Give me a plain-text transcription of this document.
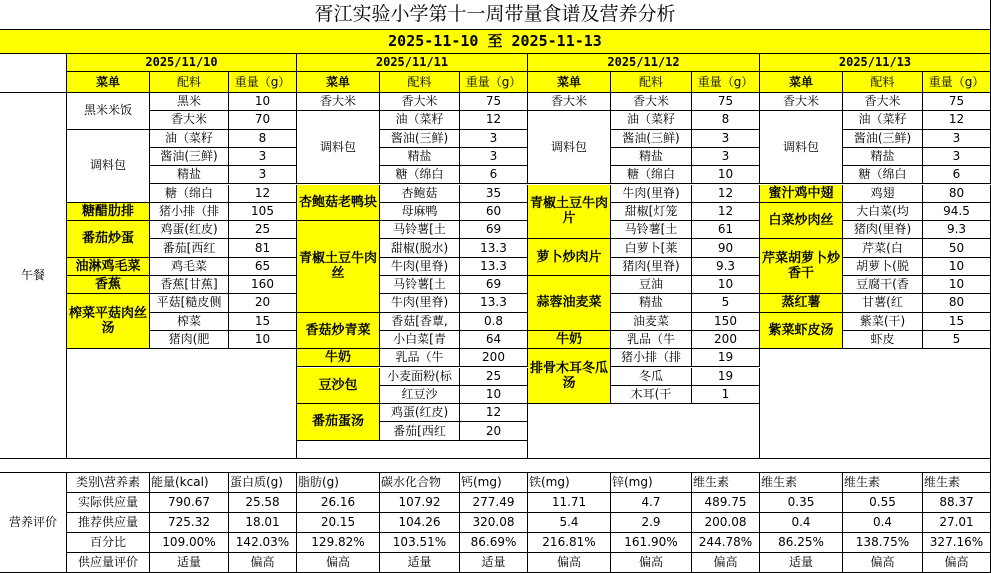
胥江实验小学第十一周带量食谱及营养分析
2025-11-10 至 2025-11-13
午餐
营养评价
2025/11/10
菜单	配料	重量（g）
黑米米饭
黑米	10
香大米	70
调料包
油（菜籽	8
酱油(三鲜)	3
精盐	3
糖（绵白	12
糖醋肋排	猪小排（排	105
番茄炒蛋
鸡蛋(红皮)	25
番茄[西红	81
油淋鸡毛菜	鸡毛菜	65
香蕉	香蕉[甘蕉]	160
榨菜平菇肉丝汤
平菇[糙皮侧	20
榨菜	15
猪肉(肥	10
2025/11/11
菜单	配料	重量（g）
香大米	香大米	75
调料包
油（菜籽	12
酱油(三鲜)	3
精盐	3
糖（绵白	6
杏鲍菇老鸭块
杏鲍菇	35
母麻鸭	60
青椒土豆牛肉丝
马铃薯[土	69
甜椒(脱水)	13.3
牛肉(里脊)	13.3
马铃薯[土	69
牛肉(里脊)	13.3
香菇炒青菜
香菇[香蕈,	0.8
小白菜[青	64
牛奶	乳品（牛	200
豆沙包
小麦面粉(标	25
红豆沙	10
番茄蛋汤
鸡蛋(红皮)	12
番茄[西红	20
2025/11/12
菜单	配料	重量（g）
香大米	香大米	75
调料包
油（菜籽	8
酱油(三鲜)	3
精盐	3
糖（绵白	10
青椒土豆牛肉片
牛肉(里脊)	12
甜椒[灯笼	12
马铃薯[土	61
萝卜炒肉片
白萝卜[莱	90
猪肉(里脊)	9.3
蒜蓉油麦菜
豆油	10
精盐	5
油麦菜	150
牛奶	乳品（牛	200
排骨木耳冬瓜汤
猪小排（排	19
冬瓜	19
木耳(干	1
2025/11/13
菜单	配料	重量（g）
香大米	香大米	75
调料包
油（菜籽	12
酱油(三鲜)	3
精盐	3
糖（绵白	6
蜜汁鸡中翅	鸡翅	80
白菜炒肉丝
大白菜(均	94.5
猪肉(里脊)	9.3
芹菜胡萝卜炒香干
芹菜(白	50
胡萝卜(脱	10
豆腐干(香	10
蒸红薯	甘薯(红	80
紫菜虾皮汤
紫菜(干)	15
虾皮	5
类别\营养素 能量(kcal)	蛋白质(g)	脂肪(g)	碳水化合物	钙(mg)	铁(mg)	锌(mg)	维生素	维生素	维生素	维生素
实际供应量	790.67	25.58	26.16	107.92	277.49	11.71	4.7	489.75	0.35	0.55	88.37
推荐供应量	725.32	18.01	20.15	104.26	320.08	5.4	2.9	200.08	0.4	0.4	27.01
百分比	109.00%	142.03%	129.82%	103.51%	86.69%	216.81%	161.90%	244.78%	86.25%	138.75%	327.16%
供应量评价	适量	偏高	偏高	适量	适量	偏高	偏高	偏高	适量	偏高	偏高
